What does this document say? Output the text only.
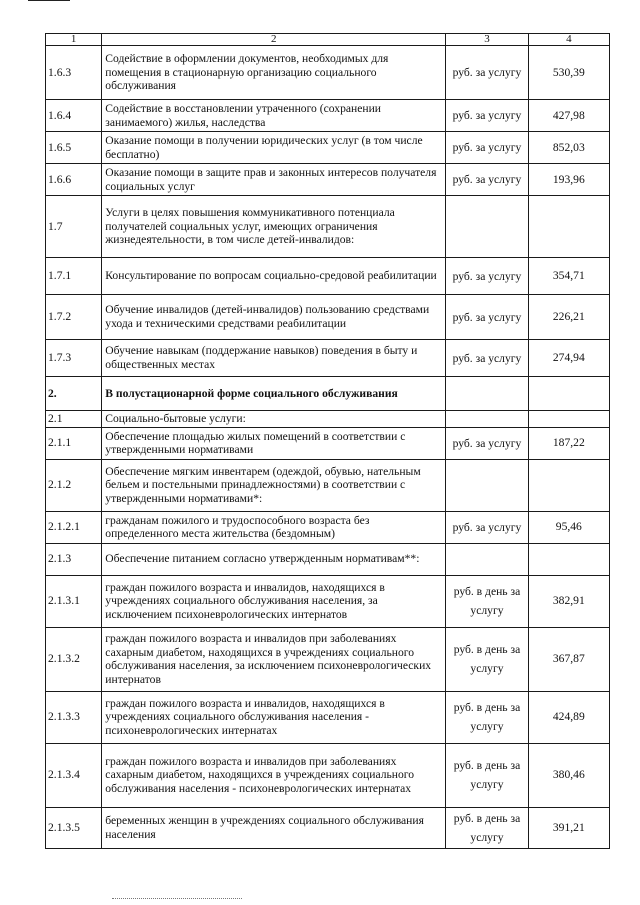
1	2	3	4
1.6.3	Содействие в оформлении документов, необходимых для помещения в стационарную организацию социального обслуживания	руб. за услугу	530,39
1.6.4	Содействие в восстановлении утраченного (сохранении занимаемого) жилья, наследства	руб. за услугу	427,98
1.6.5	Оказание помощи в получении юридических услуг (в том числе бесплатно)	руб. за услугу	852,03
1.6.6	Оказание помощи в защите прав и законных интересов получателя социальных услуг	руб. за услугу	193,96
1.7	Услуги в целях повышения коммуникативного потенциала получателей социальных услуг, имеющих ограничения жизнедеятельности, в том числе детей-инвалидов:		
1.7.1	Консультирование по вопросам социально-средовой реабилитации	руб. за услугу	354,71
1.7.2	Обучение инвалидов (детей-инвалидов) пользованию средствами ухода и техническими средствами реабилитации	руб. за услугу	226,21
1.7.3	Обучение навыкам (поддержание навыков) поведения в быту и общественных местах	руб. за услугу	274,94
2.	В полустационарной форме социального обслуживания		
2.1	Социально-бытовые услуги:		
2.1.1	Обеспечение площадью жилых помещений в соответствии с утвержденными нормативами	руб. за услугу	187,22
2.1.2	Обеспечение мягким инвентарем (одеждой, обувью, нательным бельем и постельными принадлежностями) в соответствии с утвержденными нормативами*:		
2.1.2.1	гражданам пожилого и трудоспособного возраста без определенного места жительства (бездомным)	руб. за услугу	95,46
2.1.3	Обеспечение питанием согласно утвержденным нормативам**:		
2.1.3.1	граждан пожилого возраста и инвалидов, находящихся в учреждениях социального обслуживания населения, за исключением психоневрологических интернатов	руб. в день за услугу	382,91
2.1.3.2	граждан пожилого возраста и инвалидов при заболеваниях сахарным диабетом, находящихся в учреждениях социального обслуживания населения, за исключением психоневрологических интернатов	руб. в день за услугу	367,87
2.1.3.3	граждан пожилого возраста и инвалидов, находящихся в учреждениях социального обслуживания населения - психоневрологических интернатах	руб. в день за услугу	424,89
2.1.3.4	граждан пожилого возраста и инвалидов при заболеваниях сахарным диабетом, находящихся в учреждениях социального обслуживания населения - психоневрологических интернатах	руб. в день за услугу	380,46
2.1.3.5	беременных женщин в учреждениях социального обслуживания населения	руб. в день за услугу	391,21
